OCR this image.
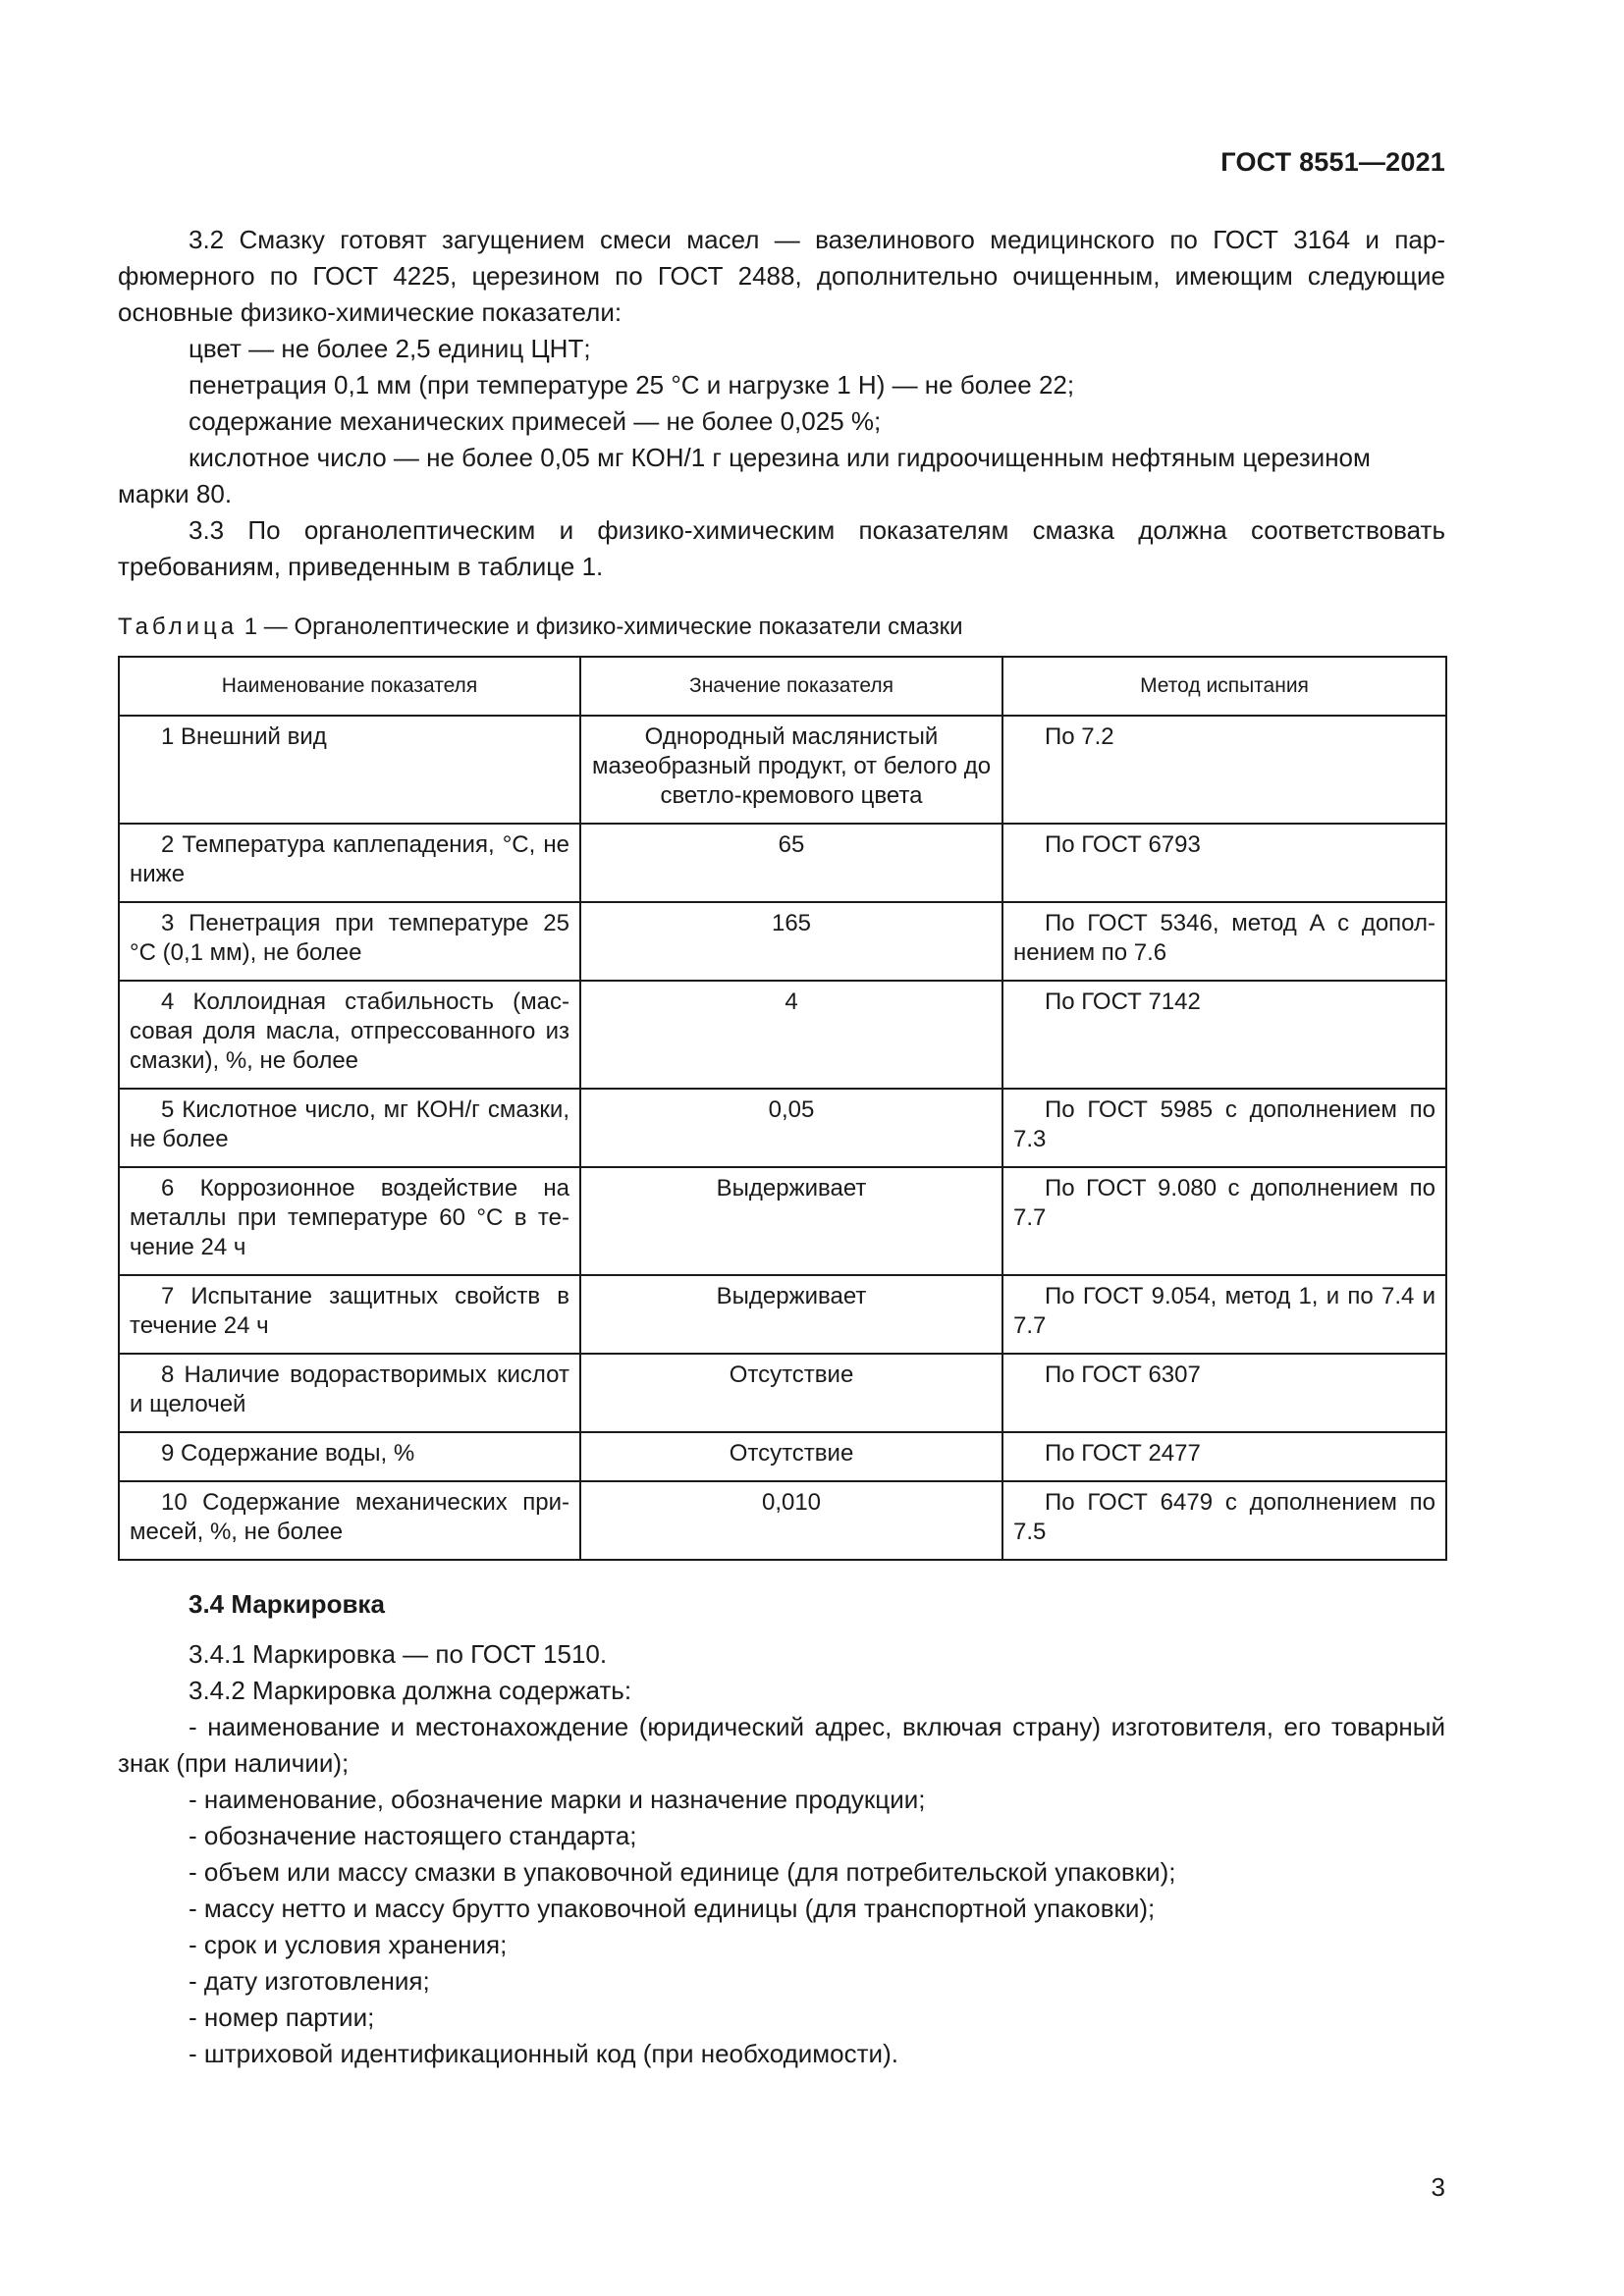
ГОСТ 8551—2021

3.2 Смазку готовят загущением смеси масел — вазелинового медицинского по ГОСТ 3164 и парфюмерного по ГОСТ 4225, церезином по ГОСТ 2488, дополнительно очищенным, имеющим следующие основные физико-химические показатели:

цвет — не более 2,5 единиц ЦНТ;

пенетрация 0,1 мм (при температуре 25 °С и нагрузке 1 Н) — не более 22;

содержание механических примесей — не более 0,025 %;

кислотное число — не более 0,05 мг КОН/1 г церезина или гидроочищенным нефтяным церезином

марки 80.

3.3 По органолептическим и физико-химическим показателям смазка должна соответствовать требованиям, приведенным в таблице 1.

Таблица 1 — Органолептические и физико-химические показатели смазки

Наименование показателя	Значение показателя	Метод испытания
1 Внешний вид	Однородный маслянистый мазеобразный продукт, от белого до светло-кремового цвета	По 7.2
2 Температура каплепадения, °С, не ниже	65	По ГОСТ 6793
3 Пенетрация при температуре 25 °С (0,1 мм), не более	165	По ГОСТ 5346, метод А с дополнением по 7.6
4 Коллоидная стабильность (массовая доля масла, отпрессованного из смазки), %, не более	4	По ГОСТ 7142
5 Кислотное число, мг КОН/г смазки, не более	0,05	По ГОСТ 5985 с дополнением по 7.3
6 Коррозионное воздействие на металлы при температуре 60 °С в течение 24 ч	Выдерживает	По ГОСТ 9.080 с дополнением по 7.7
7 Испытание защитных свойств в течение 24 ч	Выдерживает	По ГОСТ 9.054, метод 1, и по 7.4 и 7.7
8 Наличие водорастворимых кислот и щелочей	Отсутствие	По ГОСТ 6307
9 Содержание воды, %	Отсутствие	По ГОСТ 2477
10 Содержание механических примесей, %, не более	0,010	По ГОСТ 6479 с дополнением по 7.5

3.4 Маркировка

3.4.1 Маркировка — по ГОСТ 1510.

3.4.2 Маркировка должна содержать:

- наименование и местонахождение (юридический адрес, включая страну) изготовителя, его товарный знак (при наличии);

- наименование, обозначение марки и назначение продукции;

- обозначение настоящего стандарта;

- объем или массу смазки в упаковочной единице (для потребительской упаковки);

- массу нетто и массу брутто упаковочной единицы (для транспортной упаковки);

- срок и условия хранения;

- дату изготовления;

- номер партии;

- штриховой идентификационный код (при необходимости).

3
